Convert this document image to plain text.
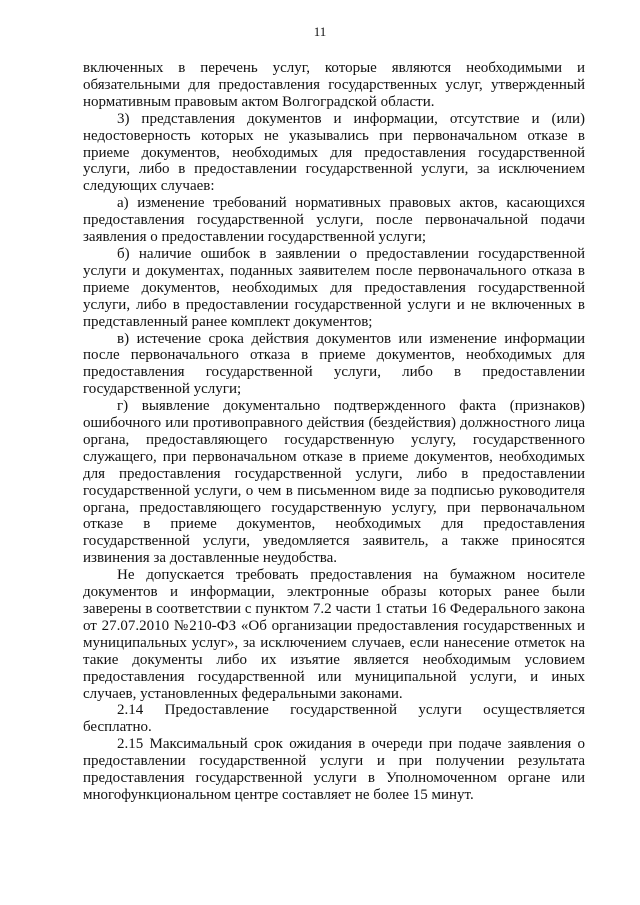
11

включенных в перечень услуг, которые являются необходимыми и обязательными для предоставления государственных услуг, утвержденный нормативным правовым актом Волгоградской области.

3) представления документов и информации, отсутствие и (или) недостоверность которых не указывались при первоначальном отказе в приеме документов, необходимых для предоставления государственной услуги, либо в предоставлении государственной услуги, за исключением следующих случаев:

а) изменение требований нормативных правовых актов, касающихся предоставления государственной услуги, после первоначальной подачи заявления о предоставлении государственной услуги;

б) наличие ошибок в заявлении о предоставлении государственной услуги и документах, поданных заявителем после первоначального отказа в приеме документов, необходимых для предоставления государственной услуги, либо в предоставлении государственной услуги и не включенных в представленный ранее комплект документов;

в) истечение срока действия документов или изменение информации после первоначального отказа в приеме документов, необходимых для предоставления государственной услуги, либо в предоставлении государственной услуги;

г) выявление документально подтвержденного факта (признаков) ошибочного или противоправного действия (бездействия) должностного лица органа, предоставляющего государственную услугу, государственного служащего, при первоначальном отказе в приеме документов, необходимых для предоставления государственной услуги, либо в предоставлении государственной услуги, о чем в письменном виде за подписью руководителя органа, предоставляющего государственную услугу, при первоначальном отказе в приеме документов, необходимых для предоставления государственной услуги, уведомляется заявитель, а также приносятся извинения за доставленные неудобства.

Не допускается требовать предоставления на бумажном носителе документов и информации, электронные образы которых ранее были заверены в соответствии с пунктом 7.2 части 1 статьи 16 Федерального закона от 27.07.2010 №210-ФЗ «Об организации предоставления государственных и муниципальных услуг», за исключением случаев, если нанесение отметок на такие документы либо их изъятие является необходимым условием предоставления государственной или муниципальной услуги, и иных случаев, установленных федеральными законами.

2.14 Предоставление государственной услуги осуществляется бесплатно.

2.15 Максимальный срок ожидания в очереди при подаче заявления о предоставлении государственной услуги и при получении результата предоставления государственной услуги в Уполномоченном органе или многофункциональном центре составляет не более 15 минут.
